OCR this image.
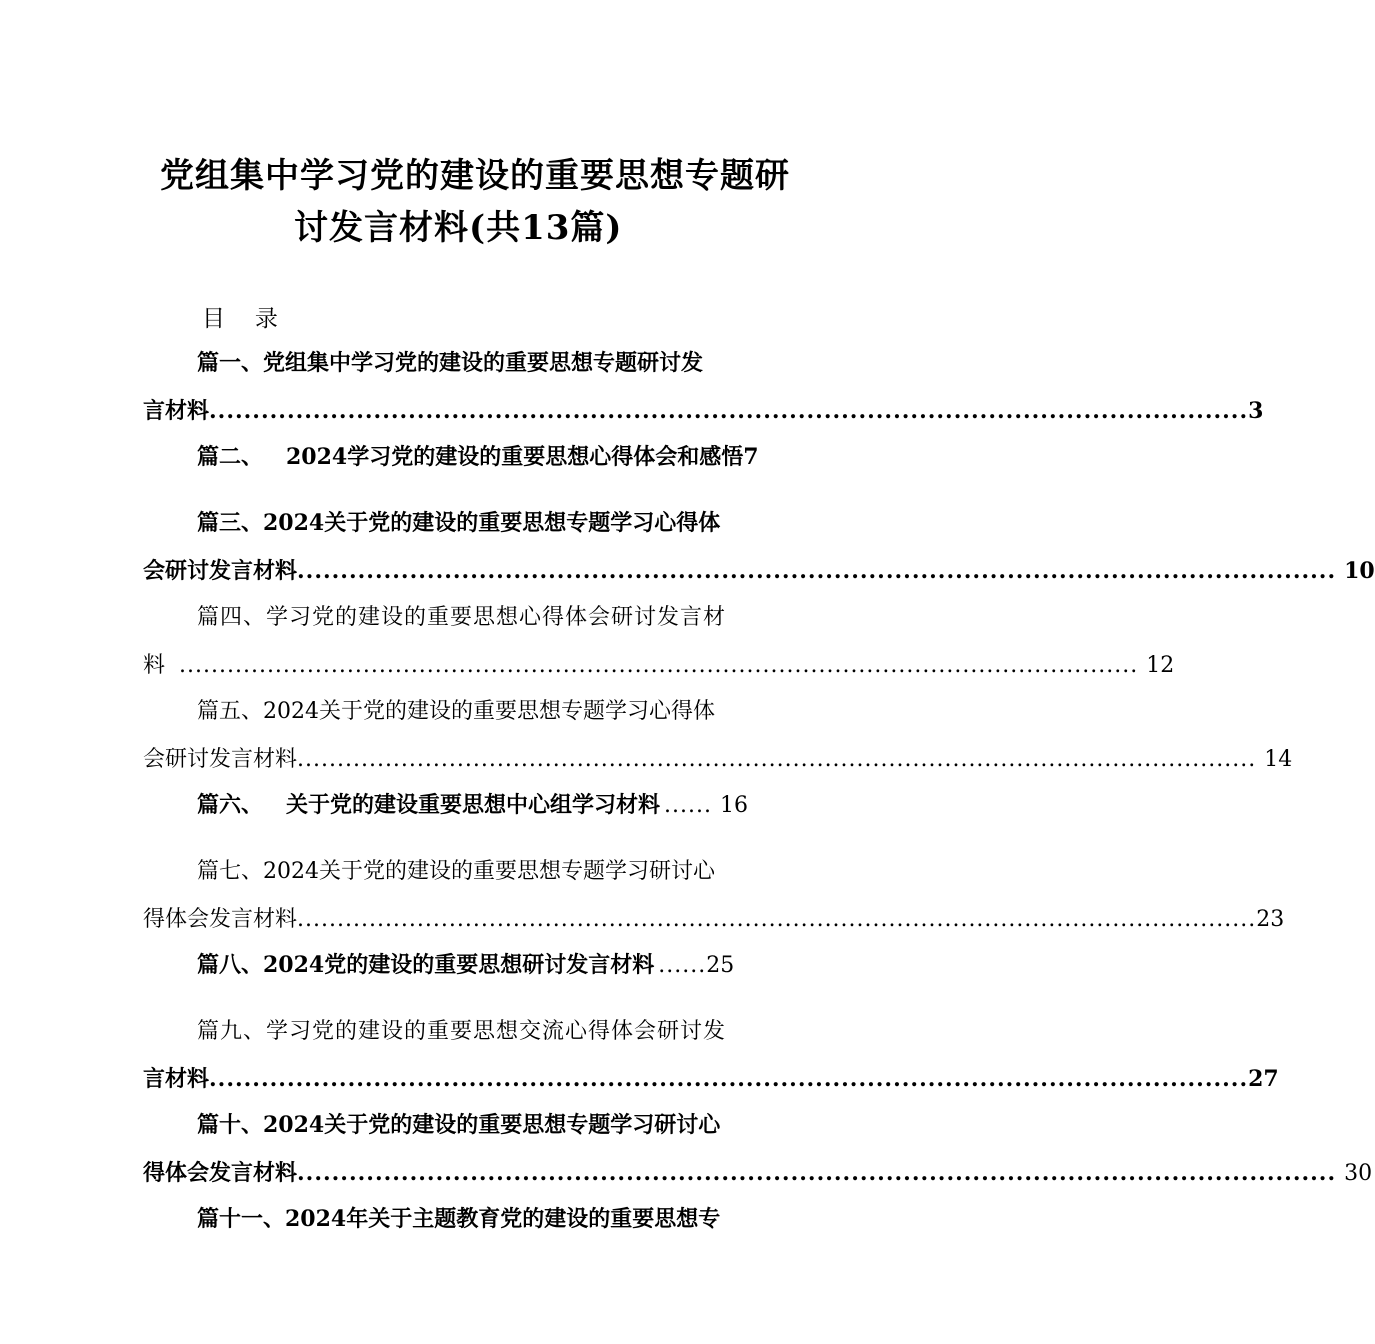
党组集中学习党的建设的重要思想专题研
讨发言材料(共13篇)
目   录
篇一、党组集中学习党的建设的重要思想专题研讨发
言材料 ........................................................................................................................ 3
篇二、   2024学习党的建设的重要思想心得体会和感悟7
篇三、2024关于党的建设的重要思想专题学习心得体
会研讨发言材料 ........................................................................................................................ 10
篇四、学习党的建设的重要思想心得体会研讨发言材
料 ........................................................................................................................ 12
篇五、2024关于党的建设的重要思想专题学习心得体
会研讨发言材料 ........................................................................................................................ 14
篇六、   关于党的建设重要思想中心组学习材料 ...... 16
篇七、2024关于党的建设的重要思想专题学习研讨心
得体会发言材料 ........................................................................................................................ 23
篇八、2024党的建设的重要思想研讨发言材料 ...... 25
篇九、学习党的建设的重要思想交流心得体会研讨发
言材料 ........................................................................................................................ 27
篇十、2024关于党的建设的重要思想专题学习研讨心
得体会发言材料 ........................................................................................................................ 30
篇十一、2024年关于主题教育党的建设的重要思想专
